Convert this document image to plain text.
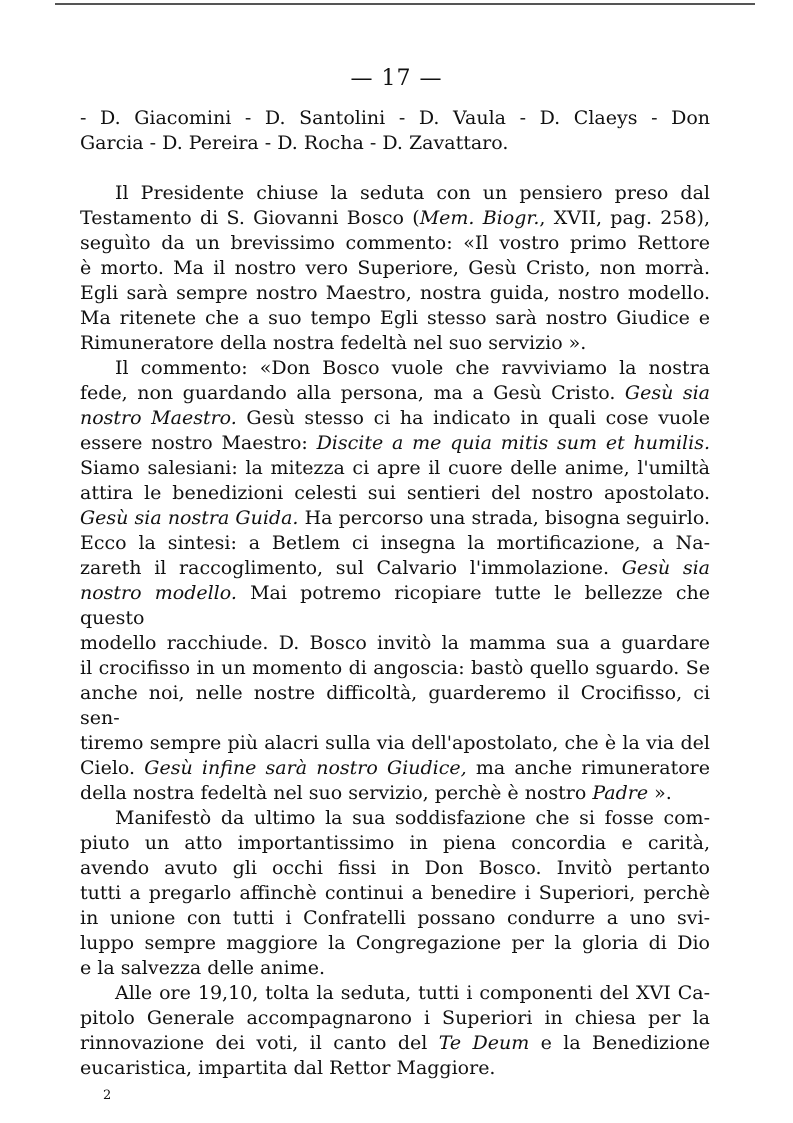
— 17 —

- D. Giacomini - D. Santolini - D. Vaula - D. Claeys - Don

Garcia - D. Pereira - D. Rocha - D. Zavattaro.

Il Presidente chiuse la seduta con un pensiero preso dal

Testamento di S. Giovanni Bosco (Mem. Biogr., XVII, pag. 258),

seguìto da un brevissimo commento: «Il vostro primo Rettore

è morto. Ma il nostro vero Superiore, Gesù Cristo, non morrà.

Egli sarà sempre nostro Maestro, nostra guida, nostro modello.

Ma ritenete che a suo tempo Egli stesso sarà nostro Giudice e

Rimuneratore della nostra fedeltà nel suo servizio ».

Il commento: «Don Bosco vuole che ravviviamo la nostra

fede, non guardando alla persona, ma a Gesù Cristo. Gesù sia

nostro Maestro. Gesù stesso ci ha indicato in quali cose vuole

essere nostro Maestro: Discite a me quia mitis sum et humilis.

Siamo salesiani: la mitezza ci apre il cuore delle anime, l'umiltà

attira le benedizioni celesti sui sentieri del nostro apostolato.

Gesù sia nostra Guida. Ha percorso una strada, bisogna seguirlo.

Ecco la sintesi: a Betlem ci insegna la mortificazione, a Na-

zareth il raccoglimento, sul Calvario l'immolazione. Gesù sia

nostro modello. Mai potremo ricopiare tutte le bellezze che questo

modello racchiude. D. Bosco invitò la mamma sua a guardare

il crocifisso in un momento di angoscia: bastò quello sguardo. Se

anche noi, nelle nostre difficoltà, guarderemo il Crocifisso, ci sen-

tiremo sempre più alacri sulla via dell'apostolato, che è la via del

Cielo. Gesù infine sarà nostro Giudice, ma anche rimuneratore

della nostra fedeltà nel suo servizio, perchè è nostro Padre ».

Manifestò da ultimo la sua soddisfazione che si fosse com-

piuto un atto importantissimo in piena concordia e carità,

avendo avuto gli occhi fissi in Don Bosco. Invitò pertanto

tutti a pregarlo affinchè continui a benedire i Superiori, perchè

in unione con tutti i Confratelli possano condurre a uno svi-

luppo sempre maggiore la Congregazione per la gloria di Dio

e la salvezza delle anime.

Alle ore 19,10, tolta la seduta, tutti i componenti del XVI Ca-

pitolo Generale accompagnarono i Superiori in chiesa per la

rinnovazione dei voti, il canto del Te Deum e la Benedizione

eucaristica, impartita dal Rettor Maggiore.

2
